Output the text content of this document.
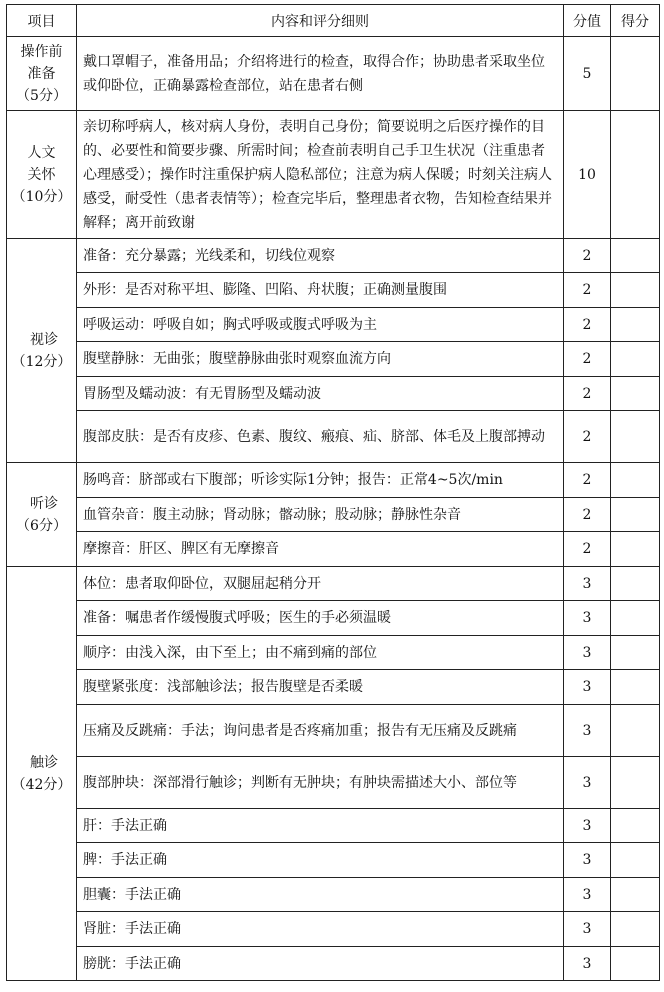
项目	内容和评分细则	分值	得分

操作前准备
（5分）	戴口罩帽子，准备用品；介绍将进行的检查，取得合作；协助患者采取坐位或仰卧位，正确暴露检查部位，站在患者右侧	5	

人文关怀
（10分）	亲切称呼病人，核对病人身份，表明自己身份；简要说明之后医疗操作的目的、必要性和简要步骤、所需时间；检查前表明自己手卫生状况（注重患者心理感受）；操作时注重保护病人隐私部位；注意为病人保暖；时刻关注病人感受，耐受性（患者表情等）；检查完毕后，整理患者衣物，告知检查结果并解释；离开前致谢	10	

视诊
（12分）	准备：充分暴露；光线柔和，切线位观察	2	
	外形：是否对称平坦、膨隆、凹陷、舟状腹；正确测量腹围	2	
	呼吸运动：呼吸自如；胸式呼吸或腹式呼吸为主	2	
	腹壁静脉：无曲张；腹壁静脉曲张时观察血流方向	2	
	胃肠型及蠕动波：有无胃肠型及蠕动波	2	
	腹部皮肤：是否有皮疹、色素、腹纹、瘢痕、疝、脐部、体毛及上腹部搏动	2	

听诊
（6分）	肠鸣音：脐部或右下腹部；听诊实际1分钟；报告：正常4~5次/min	2	
	血管杂音：腹主动脉；肾动脉；髂动脉；股动脉；静脉性杂音	2	
	摩擦音：肝区、脾区有无摩擦音	2	

触诊
（42分）	体位：患者取仰卧位，双腿屈起稍分开	3	
	准备：嘱患者作缓慢腹式呼吸；医生的手必须温暖	3	
	顺序：由浅入深，由下至上；由不痛到痛的部位	3	
	腹壁紧张度：浅部触诊法；报告腹壁是否柔暖	3	
	压痛及反跳痛：手法；询问患者是否疼痛加重；报告有无压痛及反跳痛	3	
	腹部肿块：深部滑行触诊；判断有无肿块；有肿块需描述大小、部位等	3	
	肝：手法正确	3	
	脾：手法正确	3	
	胆囊：手法正确	3	
	肾脏：手法正确	3	
	膀胱：手法正确	3	
